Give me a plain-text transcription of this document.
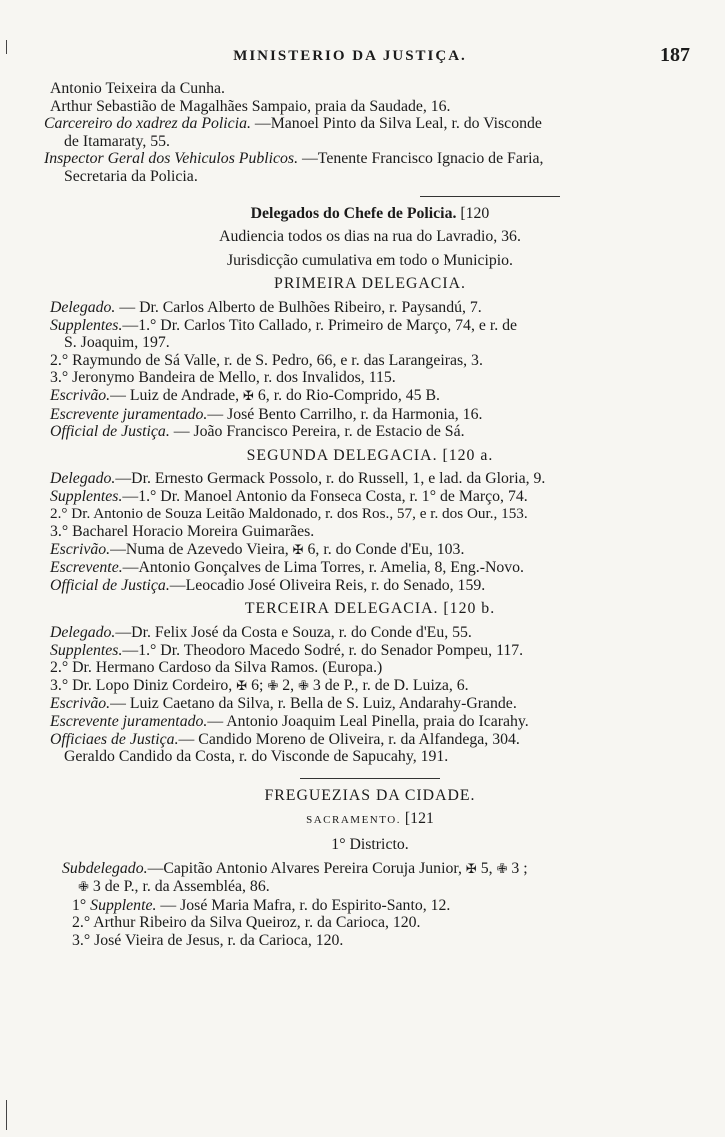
MINISTERIO DA JUSTIÇA.	187
Antonio Teixeira da Cunha.
Arthur Sebastião de Magalhães Sampaio, praia da Saudade, 16.
Carcereiro do xadrez da Policia. —Manoel Pinto da Silva Leal, r. do Visconde
de Itamaraty, 55.
Inspector Geral dos Vehiculos Publicos. —Tenente Francisco Ignacio de Faria,
Secretaria da Policia.
Delegados do Chefe de Policia. [120
Audiencia todos os dias na rua do Lavradio, 36.
Jurisdicção cumulativa em todo o Municipio.
PRIMEIRA DELEGACIA.
Delegado. — Dr. Carlos Alberto de Bulhões Ribeiro, r. Paysandú, 7.
Supplentes.—1.° Dr. Carlos Tito Callado, r. Primeiro de Março, 74, e r. de
S. Joaquim, 197.
2.° Raymundo de Sá Valle, r. de S. Pedro, 66, e r. das Larangeiras, 3.
3.° Jeronymo Bandeira de Mello, r. dos Invalidos, 115.
Escrivão.— Luiz de Andrade, ✠ 6, r. do Rio-Comprido, 45 B.
Escrevente juramentado.— José Bento Carrilho, r. da Harmonia, 16.
Official de Justiça. — João Francisco Pereira, r. de Estacio de Sá.
SEGUNDA DELEGACIA. [120 a.
Delegado.—Dr. Ernesto Germack Possolo, r. do Russell, 1, e lad. da Gloria, 9.
Supplentes.—1.° Dr. Manoel Antonio da Fonseca Costa, r. 1° de Março, 74.
2.° Dr. Antonio de Souza Leitão Maldonado, r. dos Ros., 57, e r. dos Our., 153.
3.° Bacharel Horacio Moreira Guimarães.
Escrivão.—Numa de Azevedo Vieira, ✠ 6, r. do Conde d'Eu, 103.
Escrevente.—Antonio Gonçalves de Lima Torres, r. Amelia, 8, Eng.-Novo.
Official de Justiça.—Leocadio José Oliveira Reis, r. do Senado, 159.
TERCEIRA DELEGACIA. [120 b.
Delegado.—Dr. Felix José da Costa e Souza, r. do Conde d'Eu, 55.
Supplentes.—1.° Dr. Theodoro Macedo Sodré, r. do Senador Pompeu, 117.
2.° Dr. Hermano Cardoso da Silva Ramos. (Europa.)
3.° Dr. Lopo Diniz Cordeiro, ✠ 6; ✙ 2, ✙ 3 de P., r. de D. Luiza, 6.
Escrivão.— Luiz Caetano da Silva, r. Bella de S. Luiz, Andarahy-Grande.
Escrevente juramentado.— Antonio Joaquim Leal Pinella, praia do Icarahy.
Officiaes de Justiça.— Candido Moreno de Oliveira, r. da Alfandega, 304.
Geraldo Candido da Costa, r. do Visconde de Sapucahy, 191.
FREGUEZIAS DA CIDADE.
SACRAMENTO. [121
1° Districto.
Subdelegado.—Capitão Antonio Alvares Pereira Coruja Junior, ✠ 5, ✙ 3 ;
✙ 3 de P., r. da Assembléa, 86.
1° Supplente. — José Maria Mafra, r. do Espirito-Santo, 12.
2.° Arthur Ribeiro da Silva Queiroz, r. da Carioca, 120.
3.° José Vieira de Jesus, r. da Carioca, 120.
